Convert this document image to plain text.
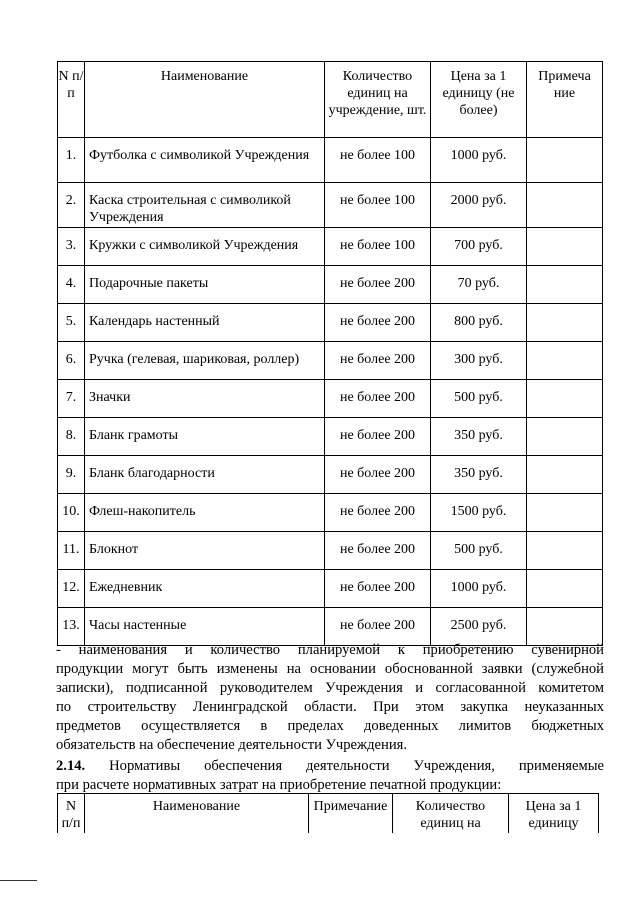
N п/п	Наименование	Количество единиц на учреждение, шт.	Цена за 1 единицу (не более)	Примеча ние
1.	Футболка с символикой Учреждения	не более 100	1000 руб.	
2.	Каска строительная с символикой Учреждения	не более 100	2000 руб.	
3.	Кружки с символикой Учреждения	не более 100	700 руб.	
4.	Подарочные пакеты	не более 200	70 руб.	
5.	Календарь настенный	не более 200	800 руб.	
6.	Ручка (гелевая, шариковая, роллер)	не более 200	300 руб.	
7.	Значки	не более 200	500 руб.	
8.	Бланк грамоты	не более 200	350 руб.	
9.	Бланк благодарности	не более 200	350 руб.	
10.	Флеш-накопитель	не более 200	1500 руб.	
11.	Блокнот	не более 200	500 руб.	
12.	Ежедневник	не более 200	1000 руб.	
13.	Часы настенные	не более 200	2500 руб.	
- наименования и количество планируемой к приобретению сувенирной
продукции могут быть изменены на основании обоснованной заявки (служебной
записки), подписанной руководителем Учреждения и согласованной комитетом
по строительству Ленинградской области. При этом закупка неуказанных
предметов осуществляется в пределах доведенных лимитов бюджетных
обязательств на обеспечение деятельности Учреждения.
2.14. Нормативы обеспечения деятельности Учреждения, применяемые
при расчете нормативных затрат на приобретение печатной продукции:
N п/п	Наименование	Примечание	Количество единиц на	Цена за 1 единицу
